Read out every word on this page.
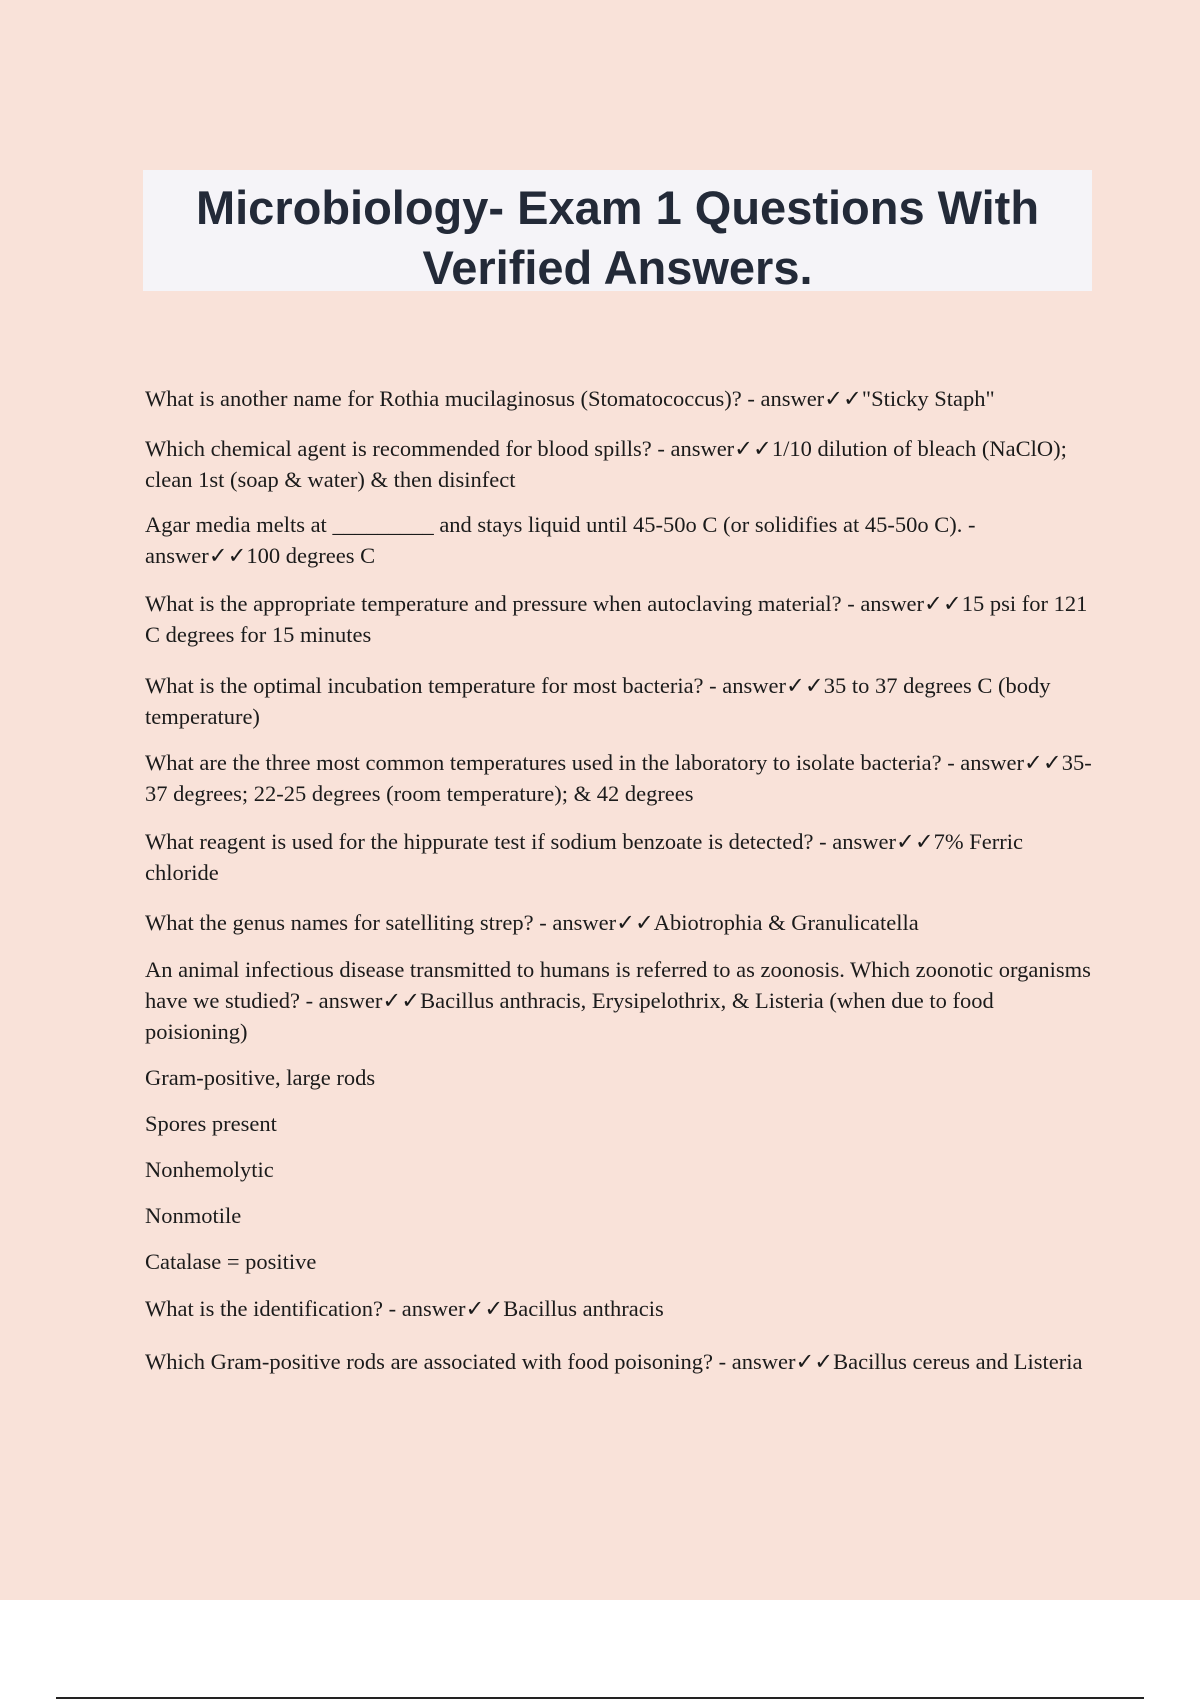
Microbiology- Exam 1 Questions With
Verified Answers.

What is another name for Rothia mucilaginosus (Stomatococcus)? - answer✓✓"Sticky Staph"

Which chemical agent is recommended for blood spills? - answer✓✓1/10 dilution of bleach (NaClO); clean 1st (soap & water) & then disinfect

Agar media melts at _________ and stays liquid until 45-50o C (or solidifies at 45-50o C). - answer✓✓100 degrees C

What is the appropriate temperature and pressure when autoclaving material? - answer✓✓15 psi for 121 C degrees for 15 minutes

What is the optimal incubation temperature for most bacteria? - answer✓✓35 to 37 degrees C (body temperature)

What are the three most common temperatures used in the laboratory to isolate bacteria? - answer✓✓35-37 degrees; 22-25 degrees (room temperature); & 42 degrees

What reagent is used for the hippurate test if sodium benzoate is detected? - answer✓✓7% Ferric chloride

What the genus names for satelliting strep? - answer✓✓Abiotrophia & Granulicatella

An animal infectious disease transmitted to humans is referred to as zoonosis. Which zoonotic organisms have we studied? - answer✓✓Bacillus anthracis, Erysipelothrix, & Listeria (when due to food poisioning)

Gram-positive, large rods

Spores present

Nonhemolytic

Nonmotile

Catalase = positive

What is the identification? - answer✓✓Bacillus anthracis

Which Gram-positive rods are associated with food poisoning? - answer✓✓Bacillus cereus and Listeria
